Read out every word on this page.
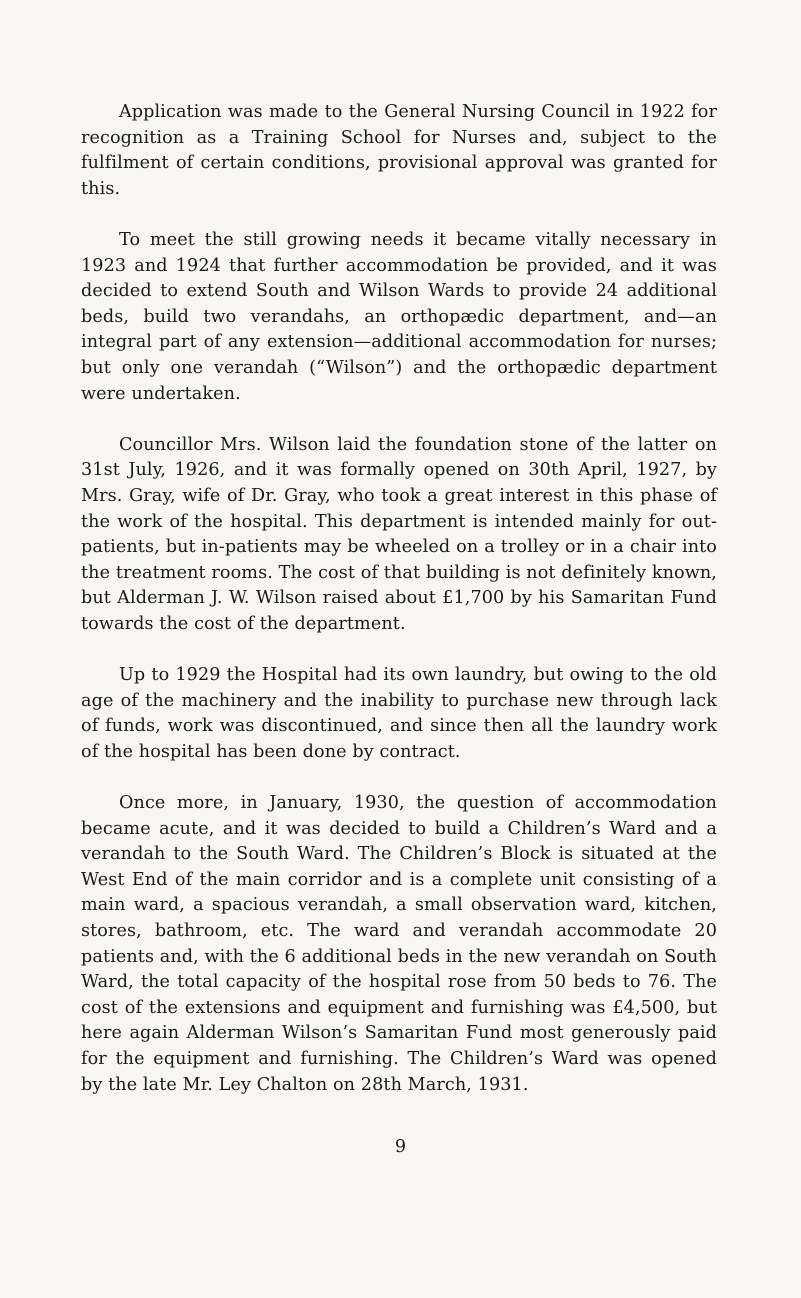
Application was made to the General Nursing Council in 1922 for recognition as a Training School for Nurses and, subject to the fulfilment of certain conditions, provisional approval was granted for this.

To meet the still growing needs it became vitally necessary in 1923 and 1924 that further accommodation be provided, and it was decided to extend South and Wilson Wards to provide 24 additional beds, build two verandahs, an orthopædic department, and—an integral part of any extension—additional accommodation for nurses; but only one verandah (“Wilson”) and the orthopædic department were undertaken.

Councillor Mrs. Wilson laid the foundation stone of the latter on 31st July, 1926, and it was formally opened on 30th April, 1927, by Mrs. Gray, wife of Dr. Gray, who took a great interest in this phase of the work of the hospital. This department is intended mainly for out-patients, but in-patients may be wheeled on a trolley or in a chair into the treatment rooms. The cost of that building is not definitely known, but Alderman J. W. Wilson raised about £1,700 by his Samaritan Fund towards the cost of the department.

Up to 1929 the Hospital had its own laundry, but owing to the old age of the machinery and the inability to purchase new through lack of funds, work was discontinued, and since then all the laundry work of the hospital has been done by contract.

Once more, in January, 1930, the question of accommodation became acute, and it was decided to build a Children’s Ward and a verandah to the South Ward. The Children’s Block is situated at the West End of the main corridor and is a complete unit consisting of a main ward, a spacious verandah, a small observation ward, kitchen, stores, bathroom, etc. The ward and verandah accommodate 20 patients and, with the 6 additional beds in the new verandah on South Ward, the total capacity of the hospital rose from 50 beds to 76. The cost of the extensions and equipment and furnishing was £4,500, but here again Alderman Wilson’s Samaritan Fund most generously paid for the equipment and furnishing. The Children’s Ward was opened by the late Mr. Ley Chalton on 28th March, 1931.

9
